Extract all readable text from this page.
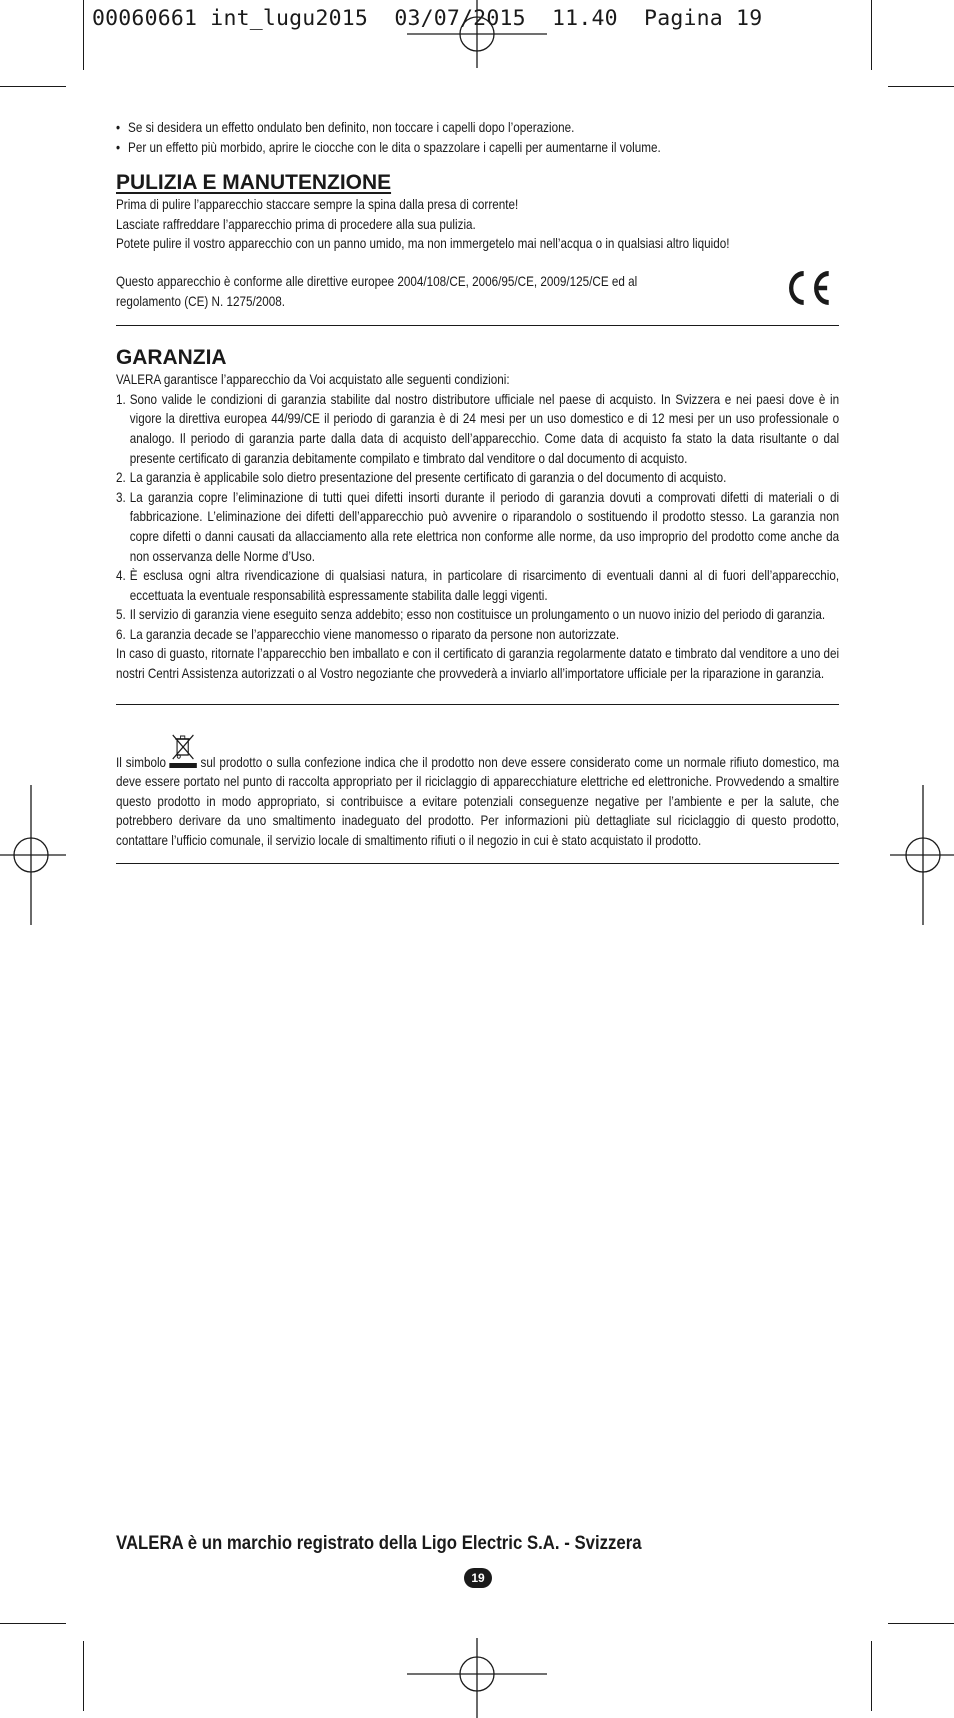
00060661 int_lugu2015  03/07/2015  11.40  Pagina 19

• Se si desidera un effetto ondulato ben definito, non toccare i capelli dopo l’operazione.

• Per un effetto più morbido, aprire le ciocche con le dita o spazzolare i capelli per aumentarne il volume.

PULIZIA E MANUTENZIONE

Prima di pulire l’apparecchio staccare sempre la spina dalla presa di corrente!

Lasciate raffreddare l’apparecchio prima di procedere alla sua pulizia.

Potete pulire il vostro apparecchio con un panno umido, ma non immergetelo mai nell’acqua o in qualsiasi altro liquido!

Questo apparecchio è conforme alle direttive europee 2004/108/CE, 2006/95/CE, 2009/125/CE ed al regolamento (CE) N. 1275/2008.

GARANZIA

VALERA garantisce l’apparecchio da Voi acquistato alle seguenti condizioni:

1. Sono valide le condizioni di garanzia stabilite dal nostro distributore ufficiale nel paese di acquisto. In Svizzera e nei paesi dove è in vigore la direttiva europea 44/99/CE il periodo di garanzia è di 24 mesi per un uso domestico e di 12 mesi per un uso professionale o analogo. Il periodo di garanzia parte dalla data di acquisto dell’apparecchio. Come data di acquisto fa stato la data risultante o dal presente certificato di garanzia debitamente compilato e timbrato dal venditore o dal documento di acquisto.
2. La garanzia è applicabile solo dietro presentazione del presente certificato di garanzia o del documento di acquisto.
3. La garanzia copre l’eliminazione di tutti quei difetti insorti durante il periodo di garanzia dovuti a comprovati difetti di materiali o di fabbricazione. L’eliminazione dei difetti dell’apparecchio può avvenire o riparandolo o sostituendo il prodotto stesso. La garanzia non copre difetti o danni causati da allacciamento alla rete elettrica non conforme alle norme, da uso improprio del prodotto come anche da non osservanza delle Norme d’Uso.
4. È esclusa ogni altra rivendicazione di qualsiasi natura, in particolare di risarcimento di eventuali danni al di fuori dell’apparecchio, eccettuata la eventuale responsabilità espressamente stabilita dalle leggi vigenti.
5. Il servizio di garanzia viene eseguito senza addebito; esso non costituisce un prolungamento o un nuovo inizio del periodo di garanzia.
6. La garanzia decade se l’apparecchio viene manomesso o riparato da persone non autorizzate.

In caso di guasto, ritornate l’apparecchio ben imballato e con il certificato di garanzia regolarmente datato e timbrato dal venditore a uno dei nostri Centri Assistenza autorizzati o al Vostro negoziante che provvederà a inviarlo all’importatore ufficiale per la riparazione in garanzia.

Il simbolo	sul prodotto o sulla confezione indica che il prodotto non deve essere considerato come un normale rifiuto domestico, ma deve essere portato nel punto di raccolta appropriato per il riciclaggio di apparecchiature elettriche ed elettroniche. Provvedendo a smaltire questo prodotto in modo appropriato, si contribuisce a evitare potenziali conseguenze negative per l’ambiente e per la salute, che potrebbero derivare da uno smaltimento inadeguato del prodotto. Per informazioni più dettagliate sul riciclaggio di questo prodotto, contattare l’ufficio comunale, il servizio locale di smaltimento rifiuti o il negozio in cui è stato acquistato il prodotto.

VALERA è un marchio registrato della Ligo Electric S.A. - Svizzera
19
